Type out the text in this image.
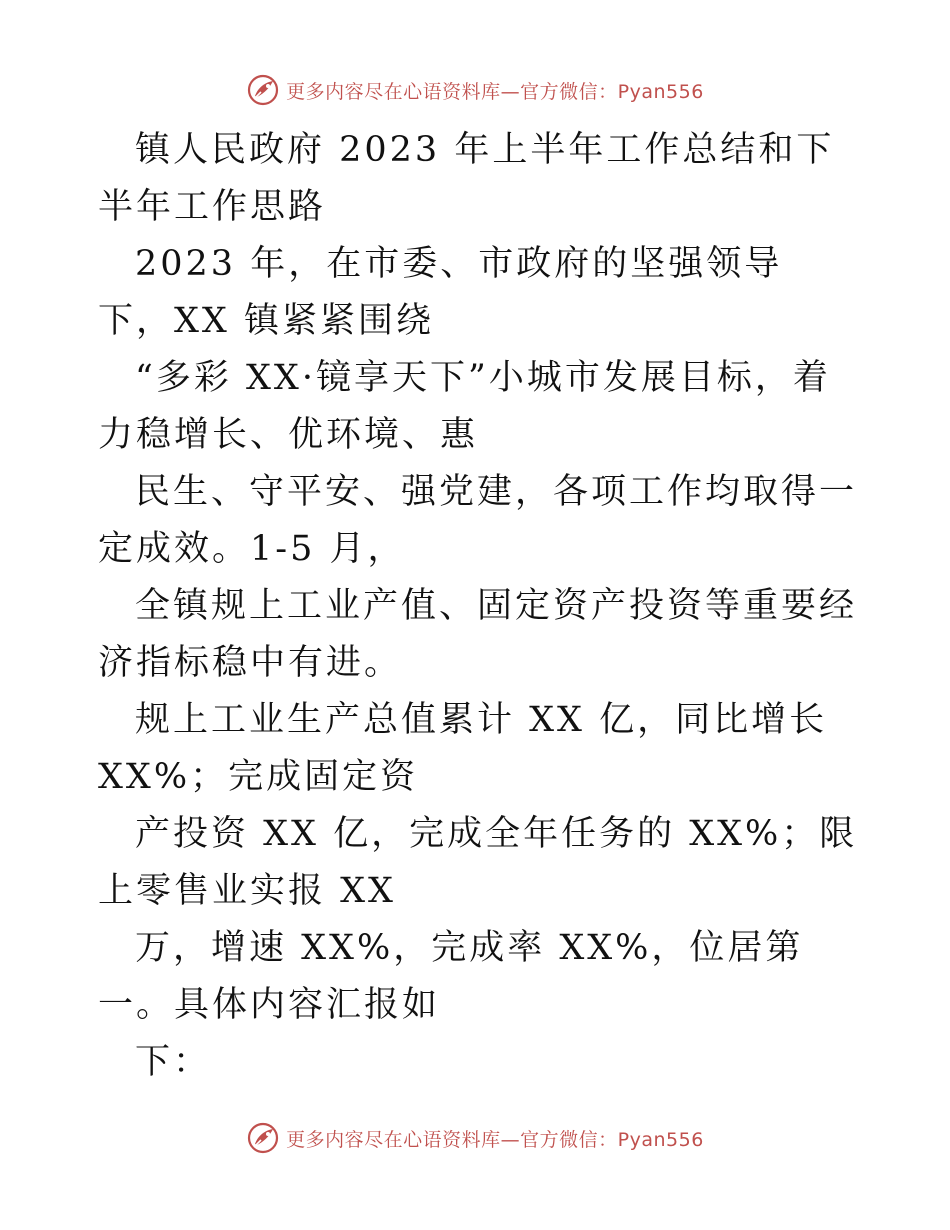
更多内容尽在心语资料库—官方微信：Pyan556

镇人民政府 2023 年上半年工作总结和下半年工作思路

2023 年，在市委、市政府的坚强领导下，XX 镇紧紧围绕

“多彩 XX·镜享天下”小城市发展目标，着力稳增长、优环境、惠

民生、守平安、强党建，各项工作均取得一定成效。1-5 月，

全镇规上工业产值、固定资产投资等重要经济指标稳中有进。

规上工业生产总值累计 XX 亿，同比增长 XX%；完成固定资

产投资 XX 亿，完成全年任务的 XX%；限上零售业实报 XX

万，增速 XX%，完成率 XX%，位居第一。具体内容汇报如

下：

更多内容尽在心语资料库—官方微信：Pyan556
